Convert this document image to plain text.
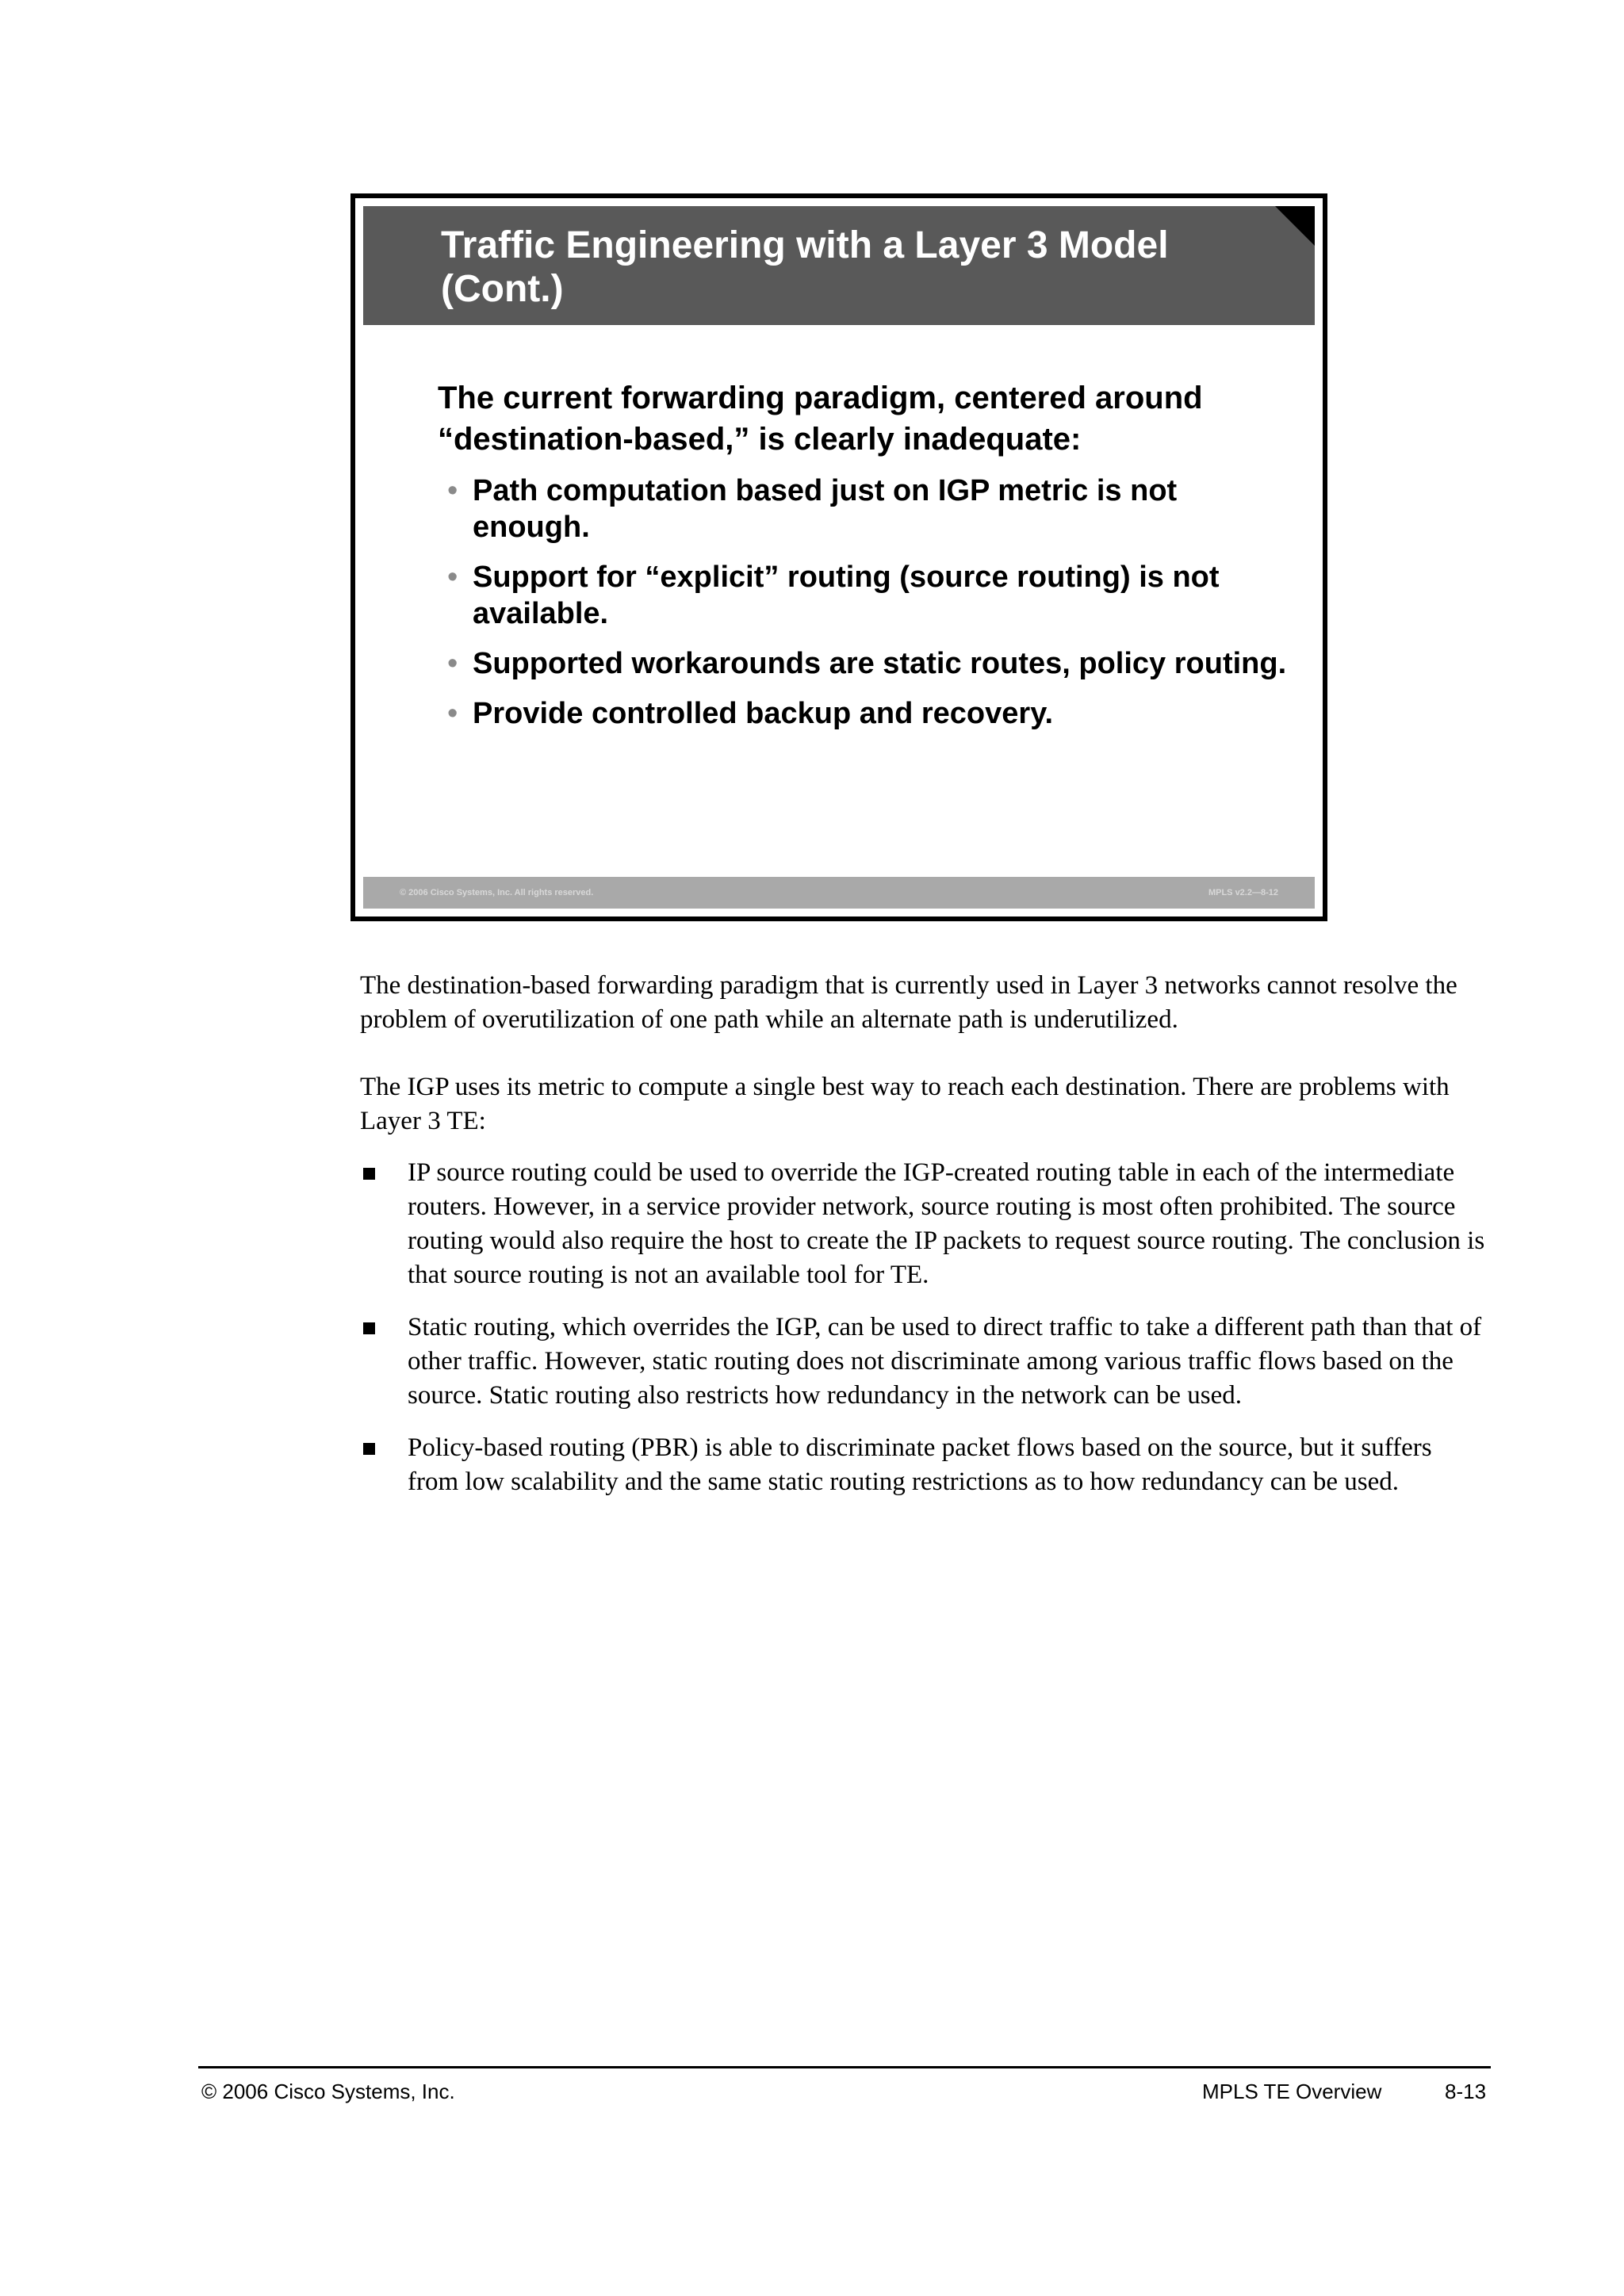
Traffic Engineering with a Layer 3 Model (Cont.)

The current forwarding paradigm, centered around “destination-based,” is clearly inadequate:

• Path computation based just on IGP metric is not enough.
• Support for “explicit” routing (source routing) is not available.
• Supported workarounds are static routes, policy routing.
• Provide controlled backup and recovery.
© 2006 Cisco Systems, Inc. All rights reserved.	MPLS v2.2—8-12

The destination-based forwarding paradigm that is currently used in Layer 3 networks cannot resolve the problem of overutilization of one path while an alternate path is underutilized.

The IGP uses its metric to compute a single best way to reach each destination. There are problems with Layer 3 TE:

IP source routing could be used to override the IGP-created routing table in each of the intermediate routers. However, in a service provider network, source routing is most often prohibited. The source routing would also require the host to create the IP packets to request source routing. The conclusion is that source routing is not an available tool for TE.
Static routing, which overrides the IGP, can be used to direct traffic to take a different path than that of other traffic. However, static routing does not discriminate among various traffic flows based on the source. Static routing also restricts how redundancy in the network can be used.
Policy-based routing (PBR) is able to discriminate packet flows based on the source, but it suffers from low scalability and the same static routing restrictions as to how redundancy can be used.
© 2006 Cisco Systems, Inc.	MPLS TE Overview	8-13
